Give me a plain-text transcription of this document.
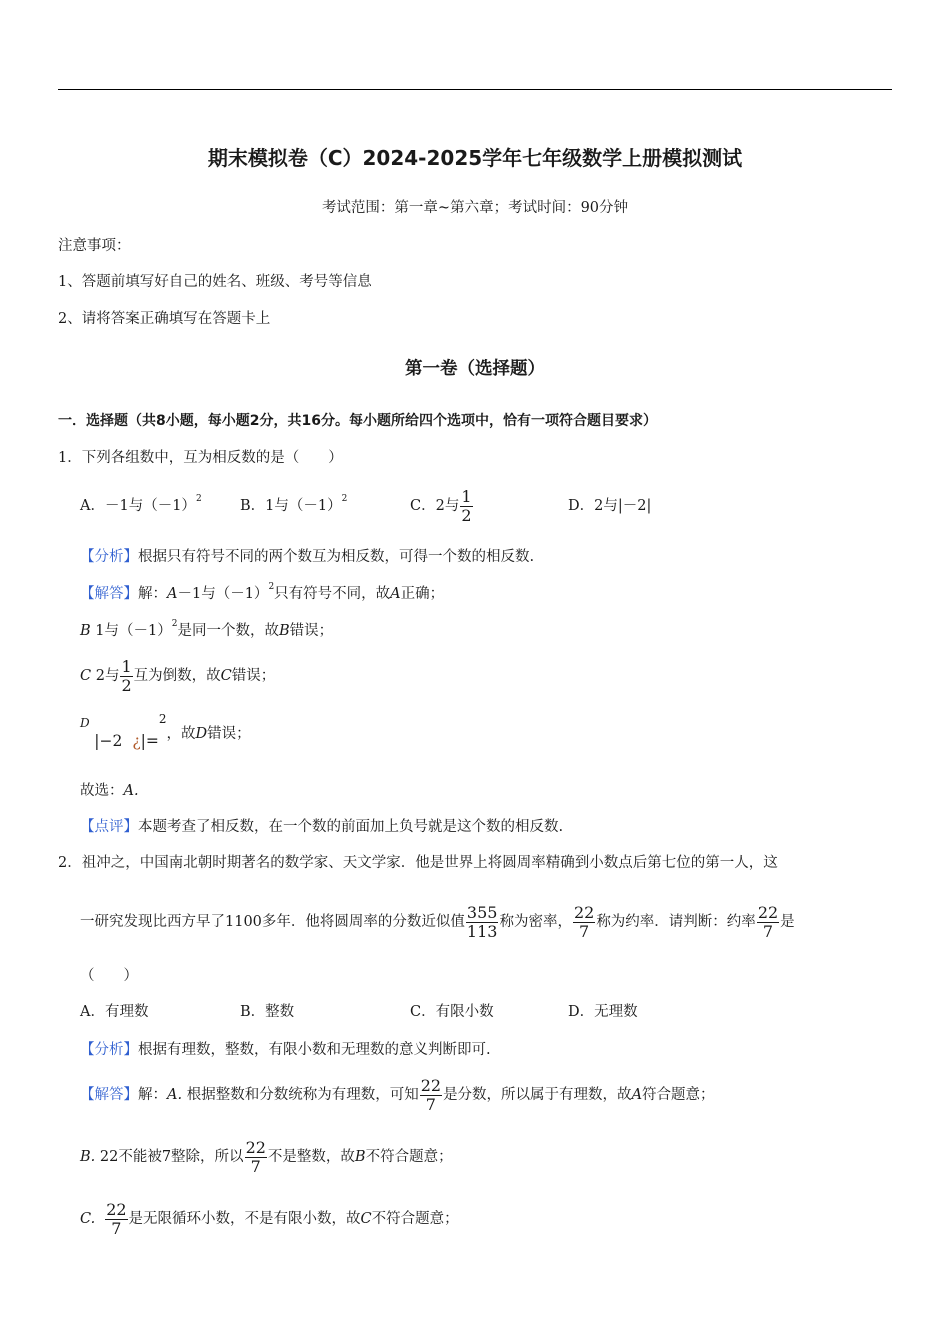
期末模拟卷（C）2024-2025学年七年级数学上册模拟测试
考试范围：第一章~第六章；考试时间：90分钟
注意事项：
1、答题前填写好自己的姓名、班级、考号等信息
2、请将答案正确填写在答题卡上
第一卷（选择题）
一．选择题（共8小题，每小题2分，共16分。每小题所给四个选项中，恰有一项符合题目要求）
1．下列各组数中，互为相反数的是（　　）
A．－1与$(-1)^2$	B．1与$(-1)^2$	C．2与 $\frac{1}{2}$	D．2与|－2|
【分析】根据只有符号不同的两个数互为相反数，可得一个数的相反数.
【解答】解：A－1与$(-1)^2$只有符号不同，故A正确；
B 1与$(-1)^2$是同一个数，故B错误；
C 2与 $\frac{1}{2}$ 互为倒数，故C错误；
$^D$ |−2 ¿|=$^2$，故D错误；
故选：A.
【点评】本题考查了相反数，在一个数的前面加上负号就是这个数的相反数.
2．祖冲之，中国南北朝时期著名的数学家、天文学家．他是世界上将圆周率精确到小数点后第七位的第一人，这
一研究发现比西方早了1100多年．他将圆周率的分数近似值 $\frac{355}{113}$ 称为密率， $\frac{22}{7}$ 称为约率．请判断：约率 $\frac{22}{7}$ 是
（　　）
A．有理数	B．整数	C．有限小数	D．无理数
【分析】根据有理数，整数，有限小数和无理数的意义判断即可.
【解答】解：A. 根据整数和分数统称为有理数，可知 $\frac{22}{7}$ 是分数，所以属于有理数，故A符合题意；
B. 22不能被7整除，所以 $\frac{22}{7}$ 不是整数，故B不符合题意；
C. $\frac{22}{7}$ 是无限循环小数，不是有限小数，故C不符合题意；
